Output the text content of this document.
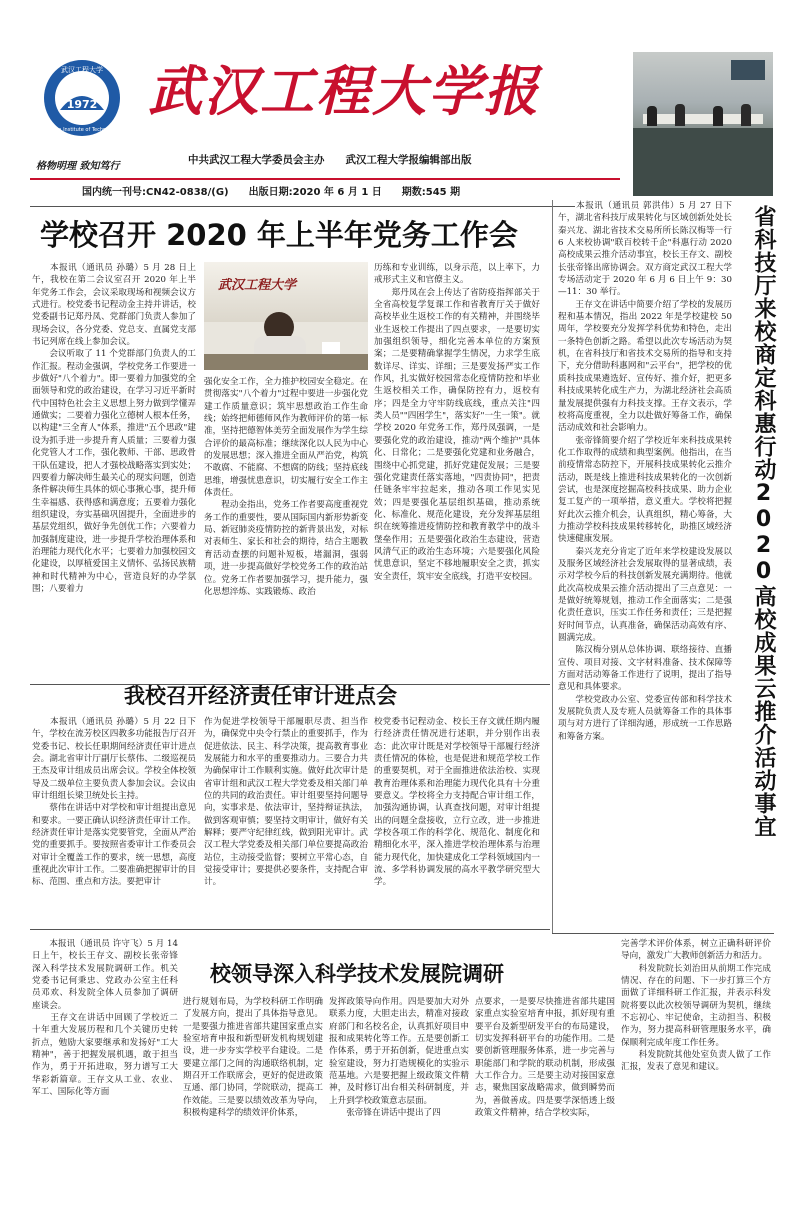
1972
武汉工程大学
Wuhan Institute of Technology
武汉工程大学报
格物明理 致知笃行
中共武汉工程大学委员会主办　　武汉工程大学报编辑部出版
国内统一刊号:CN42-0838/(G)　　出版日期:2020 年 6 月 1 日　　期数:545 期
学校召开 2020 年上半年党务工作会
　　本报讯（通讯员 孙璐）5 月 28 日上午，我校在第二会议室召开 2020 年上半年党务工作会，会议采取现场和视频会议方式进行。校党委书记程动金主持并讲话，校党委副书记郑丹凤、党群部门负责人参加了现场会议，各分党委、党总支、直属党支部书记列席在线上参加会议。
　　会议听取了 11 个党群部门负责人的工作汇报。程动金强调，学校党务工作要进一步做好"八个着力"。即一要着力加强党的全面领导和党的政治建设，在学习习近平新时代中国特色社会主义思想上努力做到学懂弄通做实；二要着力强化立德树人根本任务，以构建"三全育人"体系，推进"五个思政"建设为抓手进一步提升育人质量；三要着力强化党管人才工作，强化教师、干部、思政骨干队伍建设，把人才强校战略落实到实处；四要着力解决师生最关心的现实问题，创造条件解决师生具体的烦心事揪心事，提升师生幸福感、获得感和满意度；五要着力强化组织建设，夯实基础巩固提升，全面进步的基层党组织，做好争先创优工作；六要着力加强制度建设，进一步提升学校治理体系和治理能力现代化水平；七要着力加强校园文化建设，以厚植爱国主义情怀、弘扬民族精神和时代精神为中心，营造良好的办学氛围；八要着力
武汉工程大学
强化安全工作，全力推护校园安全稳定。在贯彻落实"八个着力"过程中要进一步强化党建工作质量意识；筑牢思想政治工作生命线；始终把师德师风作为教师评价的第一标准，坚持把德智体美劳全面发展作为学生综合评价的最高标准；继续深化以人民为中心的发展思想；深入推进全面从严治党，构筑不敢腐、不能腐、不想腐的防线；坚持底线思维，增强忧患意识，切实履行安全工作主体责任。
　　程动金指出，党务工作者要高度重视党务工作的重要性，要从国际国内新形势新变局、新冠肺炎疫情防控的新背景出发，对标对表师生、家长和社会的期待，结合主题教育活动查摆的问题补短板，堵漏洞，强弱项，进一步提高做好学校党务工作的政治站位。党务工作者要加强学习，提升能力，强化思想淬炼、实践锻炼、政治
历练和专业训练，以身示范，以上率下，力戒形式主义和官僚主义。
　　郑丹凤在会上传达了省防疫指挥部关于全省高校复学复课工作和省教育厅关于做好高校毕业生返校工作的有关精神，并围绕毕业生返校工作提出了四点要求，一是要切实加强组织领导，细化完善本单位的方案预案；二是要精确掌握学生情况，力求学生底数详尽、详实、详细；三是要发扬严实工作作风，扎实做好校园常态化疫情防控和毕业生返校相关工作，确保防控有力，返校有序；四是全力守牢防线底线，重点关注"四类人员""四困学生"，落实好"一生一策"。就学校 2020 年党务工作，郑丹凤强调，一是要强化党的政治建设，推动"两个维护"具体化、日常化；二是要强化党建和业务融合，围绕中心抓党建，抓好党建促发展；三是要强化党建责任落实落地，"四责协同"，把责任链条牢牢拉起来，推动各项工作见实见效；四是要强化基层组织基础，推动系统化、标准化、规范化建设，充分发挥基层组织在统筹推进疫情防控和教育教学中的战斗堡垒作用；五是要强化政治生态建设，营造风清气正的政治生态环境；六是要强化风险忧患意识，坚定不移地履职安全之责，抓实安全责任，筑牢安全底线，打造平安校园。
我校召开经济责任审计进点会
　　本报讯（通讯员 孙璐）5 月 22 日下午，学校在流芳校区四教多功能报告厅召开党委书记、校长任职期间经济责任审计进点会。湖北省审计厅副厅长蔡伟、二级巡视员王杰及审计组成员出席会议。学校全体校领导及二级单位主要负责人参加会议。会议由审计组组长梁卫统处长主持。
　　蔡伟在讲话中对学校和审计组提出意见和要求。一要正确认识经济责任审计工作。经济责任审计是落实党要管党，全面从严治党的重要抓手。要按照省委审计工作委员会对审计全覆盖工作的要求，统一思想，高度重视此次审计工作。二要准确把握审计的目标、范围、重点和方法。要把审计
作为促进学校领导干部履职尽责、担当作为，确保党中央令行禁止的重要抓手，作为促进依法、民主、科学决策，提高教育事业发展能力和水平的重要推动力。三要合力共为确保审计工作顺利实施。做好此次审计是省审计组和武汉工程大学党委及相关部门单位的共同的政治责任。审计组要坚持问题导向，实事求是、依法审计，坚持辩证执法，做到客观审慎；要坚持文明审计，做好有关解释；要严守纪律红线，做到阳光审计。武汉工程大学党委及相关部门单位要提高政治站位，主动接受监督；要树立平常心态，自觉接受审计；要提供必要条件，支持配合审计。
校党委书记程动金、校长王存文就任期内履行经济责任情况进行述职，并分别作出表态：此次审计既是对学校领导干部履行经济责任情况的体检，也是促进和规范学校工作的重要契机，对于全面推进依法治校、实现教育治理体系和治理能力现代化具有十分重要意义。学校将全力支持配合审计组工作，加强沟通协调，认真查找问题，对审计组提出的问题全盘接收，立行立改，进一步推进学校各项工作的科学化、规范化、制度化和精细化水平，深入推进学校治理体系与治理能力现代化，加快建成化工学科领域国内一流、多学科协调发展的高水平教学研究型大学。
　　本报讯（通讯员 郭洪伟）5 月 27 日下午，湖北省科技厅成果转化与区域创新处处长秦兴龙、湖北省技术交易所所长陈汉梅等一行 6 人来校协调"联百校转千企"科惠行动 2020 高校成果云推介活动事宜，校长王存文、副校长张帝锋出席协调会。双方商定武汉工程大学专场活动定于 2020 年 6 月 6 日上午 9：30—11：30 举行。
　　王存文在讲话中简要介绍了学校的发展历程和基本情况，指出 2022 年是学校建校 50 周年，学校要充分发挥学科优势和特色，走出一条特色创新之路。希望以此次专场活动为契机，在省科技厅和省技术交易所的指导和支持下，充分借助科惠网和"云平台"，把学校的优质科技成果遴选好、宣传好、推介好，把更多科技成果转化成生产力，为湖北经济社会高质量发展提供强有力科技支撑。王存文表示，学校将高度重视，全力以赴做好筹备工作，确保活动成效和社会影响力。
　　张帝锋简要介绍了学校近年来科技成果转化工作取得的成绩和典型案例。他指出，在当前疫情常态防控下，开展科技成果转化云推介活动，既是线上推进科技成果转化的一次创新尝试，也是深度挖掘高校科技成果、助力企业复工复产的一项举措，意义重大。学校将把握好此次云推介机会，认真组织，精心筹备，大力推动学校科技成果转移转化，助推区域经济快速健康发展。
　　秦兴龙充分肯定了近年来学校建设发展以及服务区域经济社会发展取得的显著成绩，表示对学校今后的科技创新发展充满期待。他就此次高校成果云推介活动提出了三点意见：一是做好统筹规划，推动工作全面落实；二是强化责任意识，压实工作任务和责任；三是把握好时间节点，认真准备，确保活动高效有序、圆满完成。
　　陈汉梅分别从总体协调、联络接待、直播宣传、项目对接、文字材料准备、技术保障等方面对活动筹备工作进行了说明，提出了指导意见和具体要求。
　　学校党政办公室、党委宣传部和科学技术发展院负责人及专班人员就筹备工作的具体事项与对方进行了详细沟通，形成统一工作思路和筹备方案。	省科技厅来校商定科惠行动2020高校成果云推介活动事宜
校领导深入科学技术发展院调研
　　本报讯（通讯员 许守飞）5 月 14 日上午，校长王存文、副校长张帝锋深入科学技术发展院调研工作。机关党委书记何秉忠、党政办公室主任科员邓欢、科发院全体人员参加了调研座谈会。
　　王存文在讲话中回顾了学校近二十年重大发展历程和几个关键历史转折点，勉励大家要继承和发扬好"工大精神"，善于把握发展机遇，敢于担当作为，勇于开拓进取，努力谱写工大华彩新篇章。王存文从工业、农业、军工、国际化等方面
进行规划布局，为学校科研工作明确了发展方向，提出了具体指导意见。一是要强力推进省部共建国家重点实验室培育申报和新型研发机构规划建设，进一步夯实学校平台建设。二是要建立部门之间的沟通联络机制，定期召开工作联席会，更好的促进政策互通、部门协同，学院联动，提高工作效能。三是要以绩效改革为导向，积极构建科学的绩效评价体系，
发挥政策导向作用。四是要加大对外联系力度，大胆走出去，精准对接政府部门和名校名企，认真抓好项目申报和成果转化等工作。五是要创新工作体系，勇于开拓创新，促进重点实验室建设，努力打造规模化的实验示范基地。六是要把握上级政策文件精神，及时修订出台相关科研制度，并上升到学校政策意志层面。
　　张帝锋在讲话中提出了四
点要求，一是要尽快推进省部共建国家重点实验室培育申报，抓好现有重要平台及新型研发平台的布局建设，切实发挥科研平台的功能作用。二是要创新管理服务体系，进一步完善与职能部门和学院的联动机制，形成强大工作合力。三是要主动对接国家意志，聚焦国家战略需求，做到瞬势而为，善做善成。四是要学深悟透上级政策文件精神，结合学校实际，
完善学术评价体系，树立正确科研评价导向，激发广大教师创新活力和活力。
　　科发院院长刘治田从前期工作完成情况、存在的问题、下一步打算三个方面做了详细科研工作汇报，并表示科发院将要以此次校领导调研为契机，继续不忘初心、牢记使命，主动担当、积极作为，努力提高科研管理服务水平，确保顺利完成年度工作任务。
　　科发院院其他处室负责人做了工作汇报，发表了意见和建议。
